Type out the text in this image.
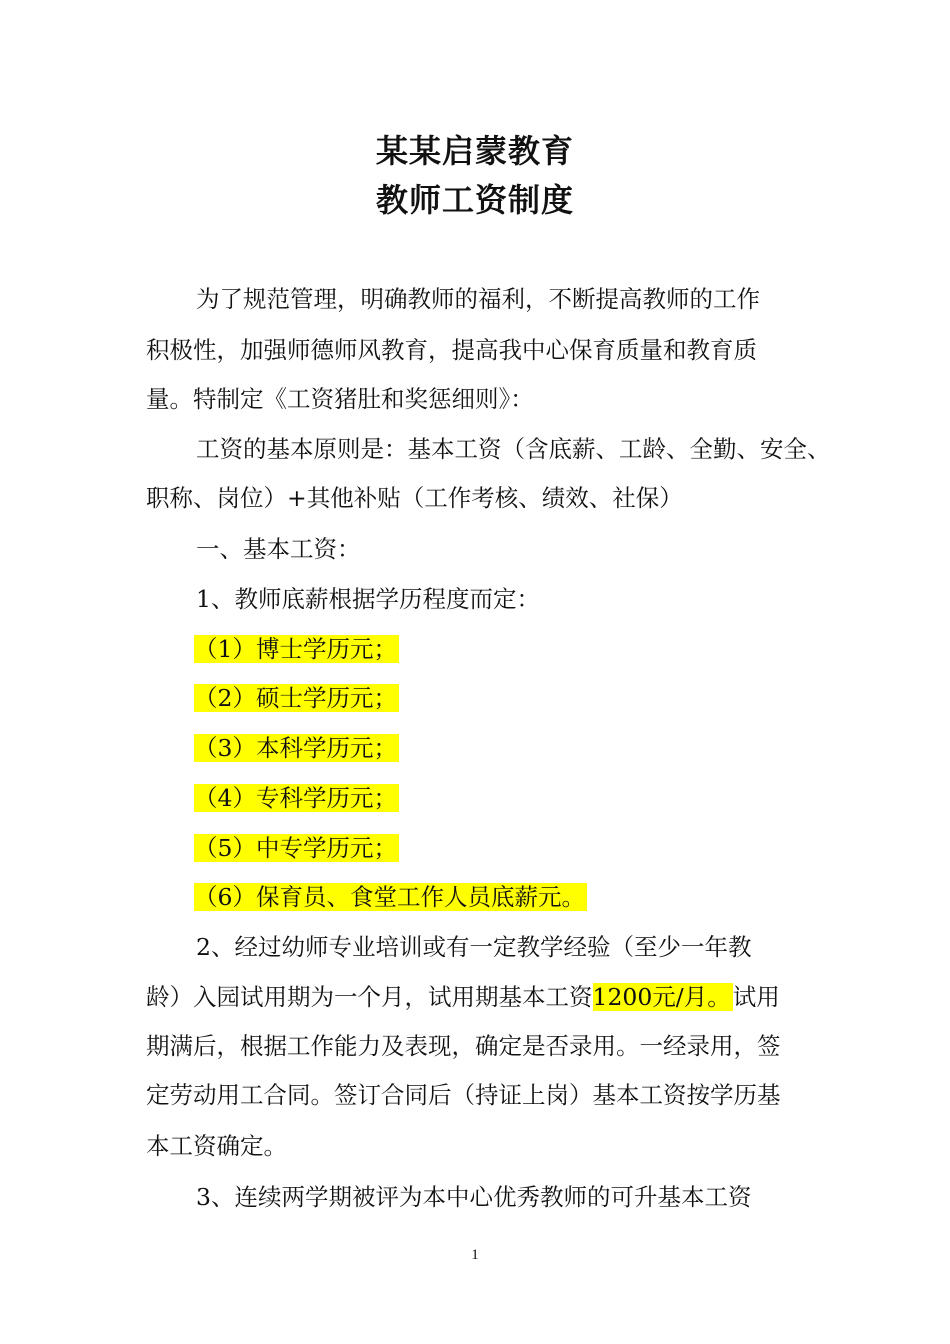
某某启蒙教育
教师工资制度
为了规范管理，明确教师的福利，不断提高教师的工作
积极性，加强师德师风教育，提高我中心保育质量和教育质
量。特制定《工资猪肚和奖惩细则》：
工资的基本原则是：基本工资（含底薪、工龄、全勤、安全、
职称、岗位）+其他补贴（工作考核、绩效、社保）
一、基本工资：
1、教师底薪根据学历程度而定：
（1）博士学历元；
（2）硕士学历元；
（3）本科学历元；
（4）专科学历元；
（5）中专学历元；
（6）保育员、食堂工作人员底薪元。
2、经过幼师专业培训或有一定教学经验（至少一年教
龄）入园试用期为一个月，试用期基本工资1200元/月。试用
期满后，根据工作能力及表现，确定是否录用。一经录用，签
定劳动用工合同。签订合同后（持证上岗）基本工资按学历基
本工资确定。
3、连续两学期被评为本中心优秀教师的可升基本工资
1
